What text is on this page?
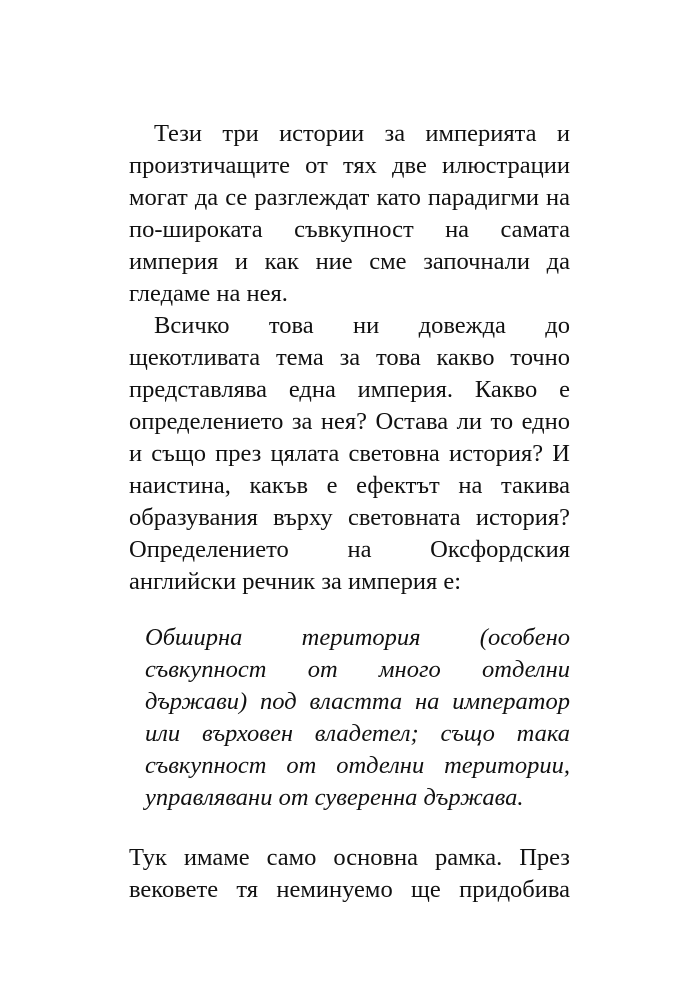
Тези три истории за империята и произтичащите от тях две илюстрации могат да се разглеждат като парадигми на по-широката съвкупност на самата империя и как ние сме започнали да гледаме на нея.

Всичко това ни довежда до щекотливата тема за това какво точно представлява една империя. Какво е определението за нея? Остава ли то едно и също през цялата световна история? И наистина, какъв е ефектът на такива образувания върху световната история? Определението на Оксфордския английски речник за империя е:

Обширна територия (особено съвкупност от много отделни държави) под властта на император или върховен владетел; също така съвкупност от отделни територии, управлявани от суверенна държава.

Тук имаме само основна рамка. През вековете тя неминуемо ще придобива
